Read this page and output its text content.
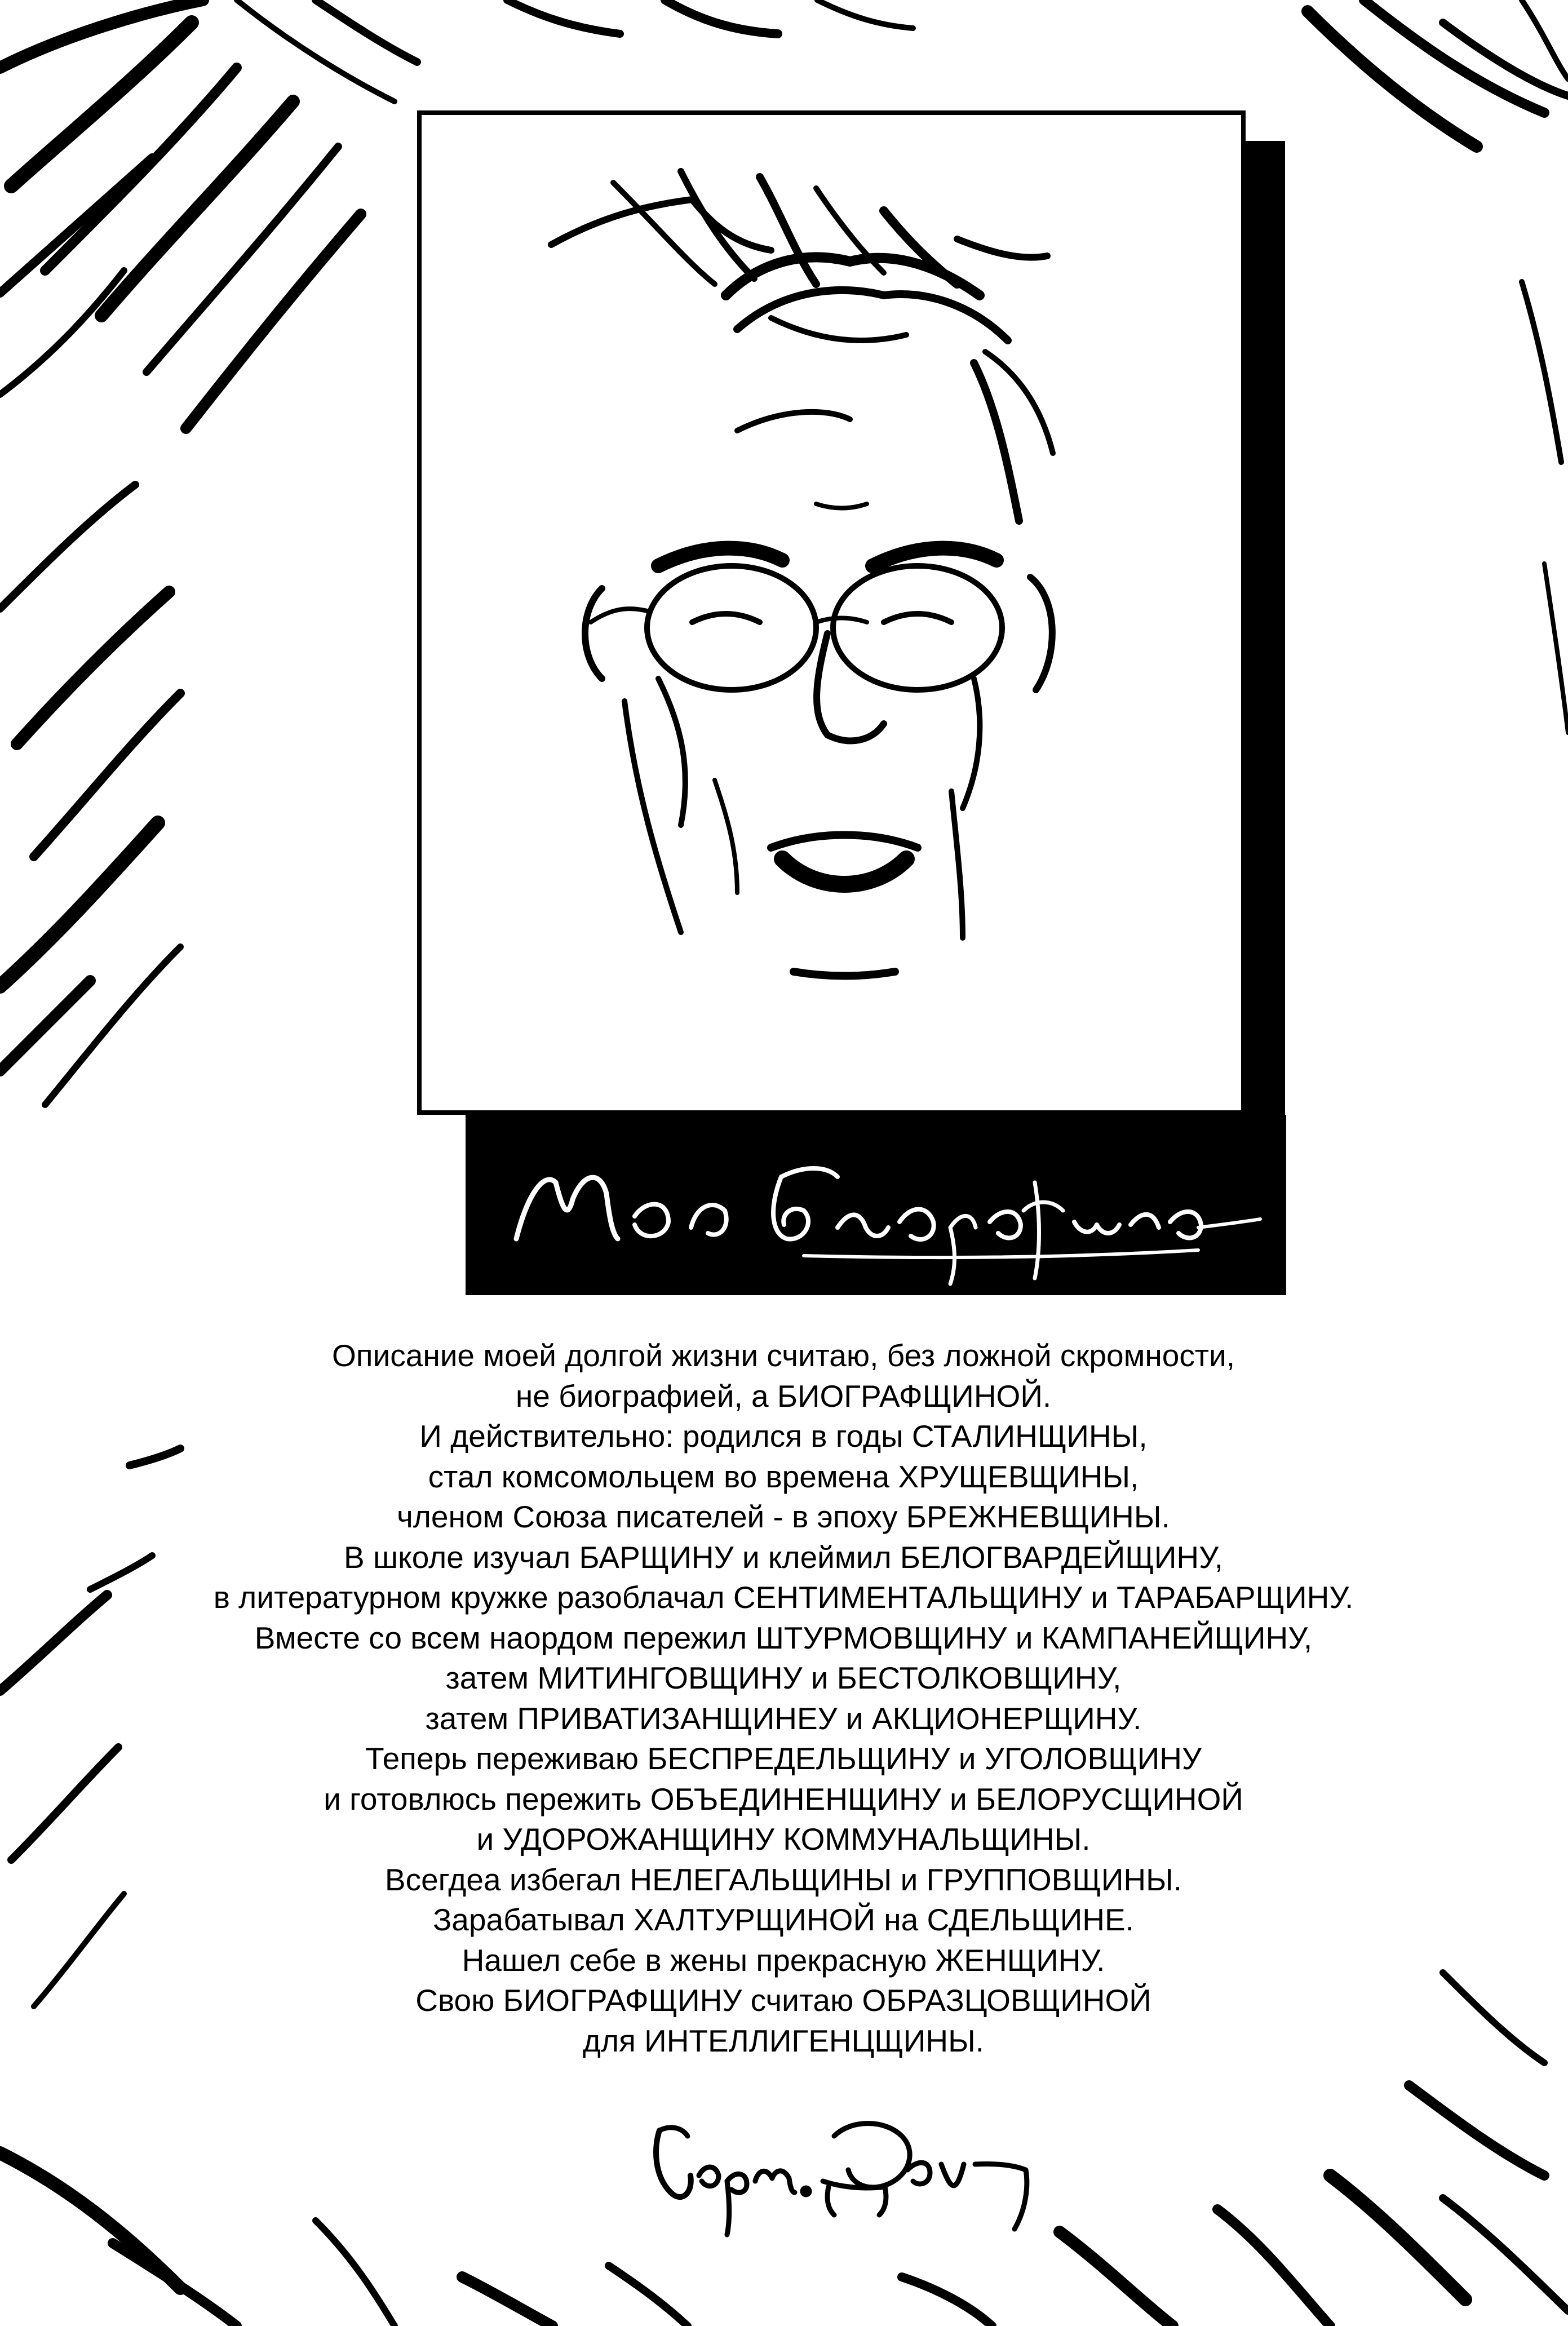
Описание моей долгой жизни считаю, без ложной скромности,
не биографией, а БИОГРАФЩИНОЙ.
И действительно: родился в годы СТАЛИНЩИНЫ,
стал комсомольцем во времена ХРУЩЕВЩИНЫ,
членом Союза писателей - в эпоху БРЕЖНЕВЩИНЫ.
В школе изучал БАРЩИНУ и клеймил БЕЛОГВАРДЕЙЩИНУ,
в литературном кружке разоблачал СЕНТИМЕНТАЛЬЩИНУ и ТАРАБАРЩИНУ.
Вместе со всем наордом пережил ШТУРМОВЩИНУ и КАМПАНЕЙЩИНУ,
затем МИТИНГОВЩИНУ и БЕСТОЛКОВЩИНУ,
затем ПРИВАТИЗАНЩИНЕУ и АКЦИОНЕРЩИНУ.
Теперь переживаю БЕСПРЕДЕЛЬЩИНУ и УГОЛОВЩИНУ
и готовлюсь пережить ОБЪЕДИНЕНЩИНУ и БЕЛОРУСЩИНОЙ
и УДОРОЖАНЩИНУ КОММУНАЛЬЩИНЫ.
Всегдеа избегал НЕЛЕГАЛЬЩИНЫ и ГРУППОВЩИНЫ.
Зарабатывал ХАЛТУРЩИНОЙ на СДЕЛЬЩИНЕ.
Нашел себе в жены прекрасную ЖЕНЩИНУ.
Свою БИОГРАФЩИНУ считаю ОБРАЗЦОВЩИНОЙ
для ИНТЕЛЛИГЕНЦЩИНЫ.
